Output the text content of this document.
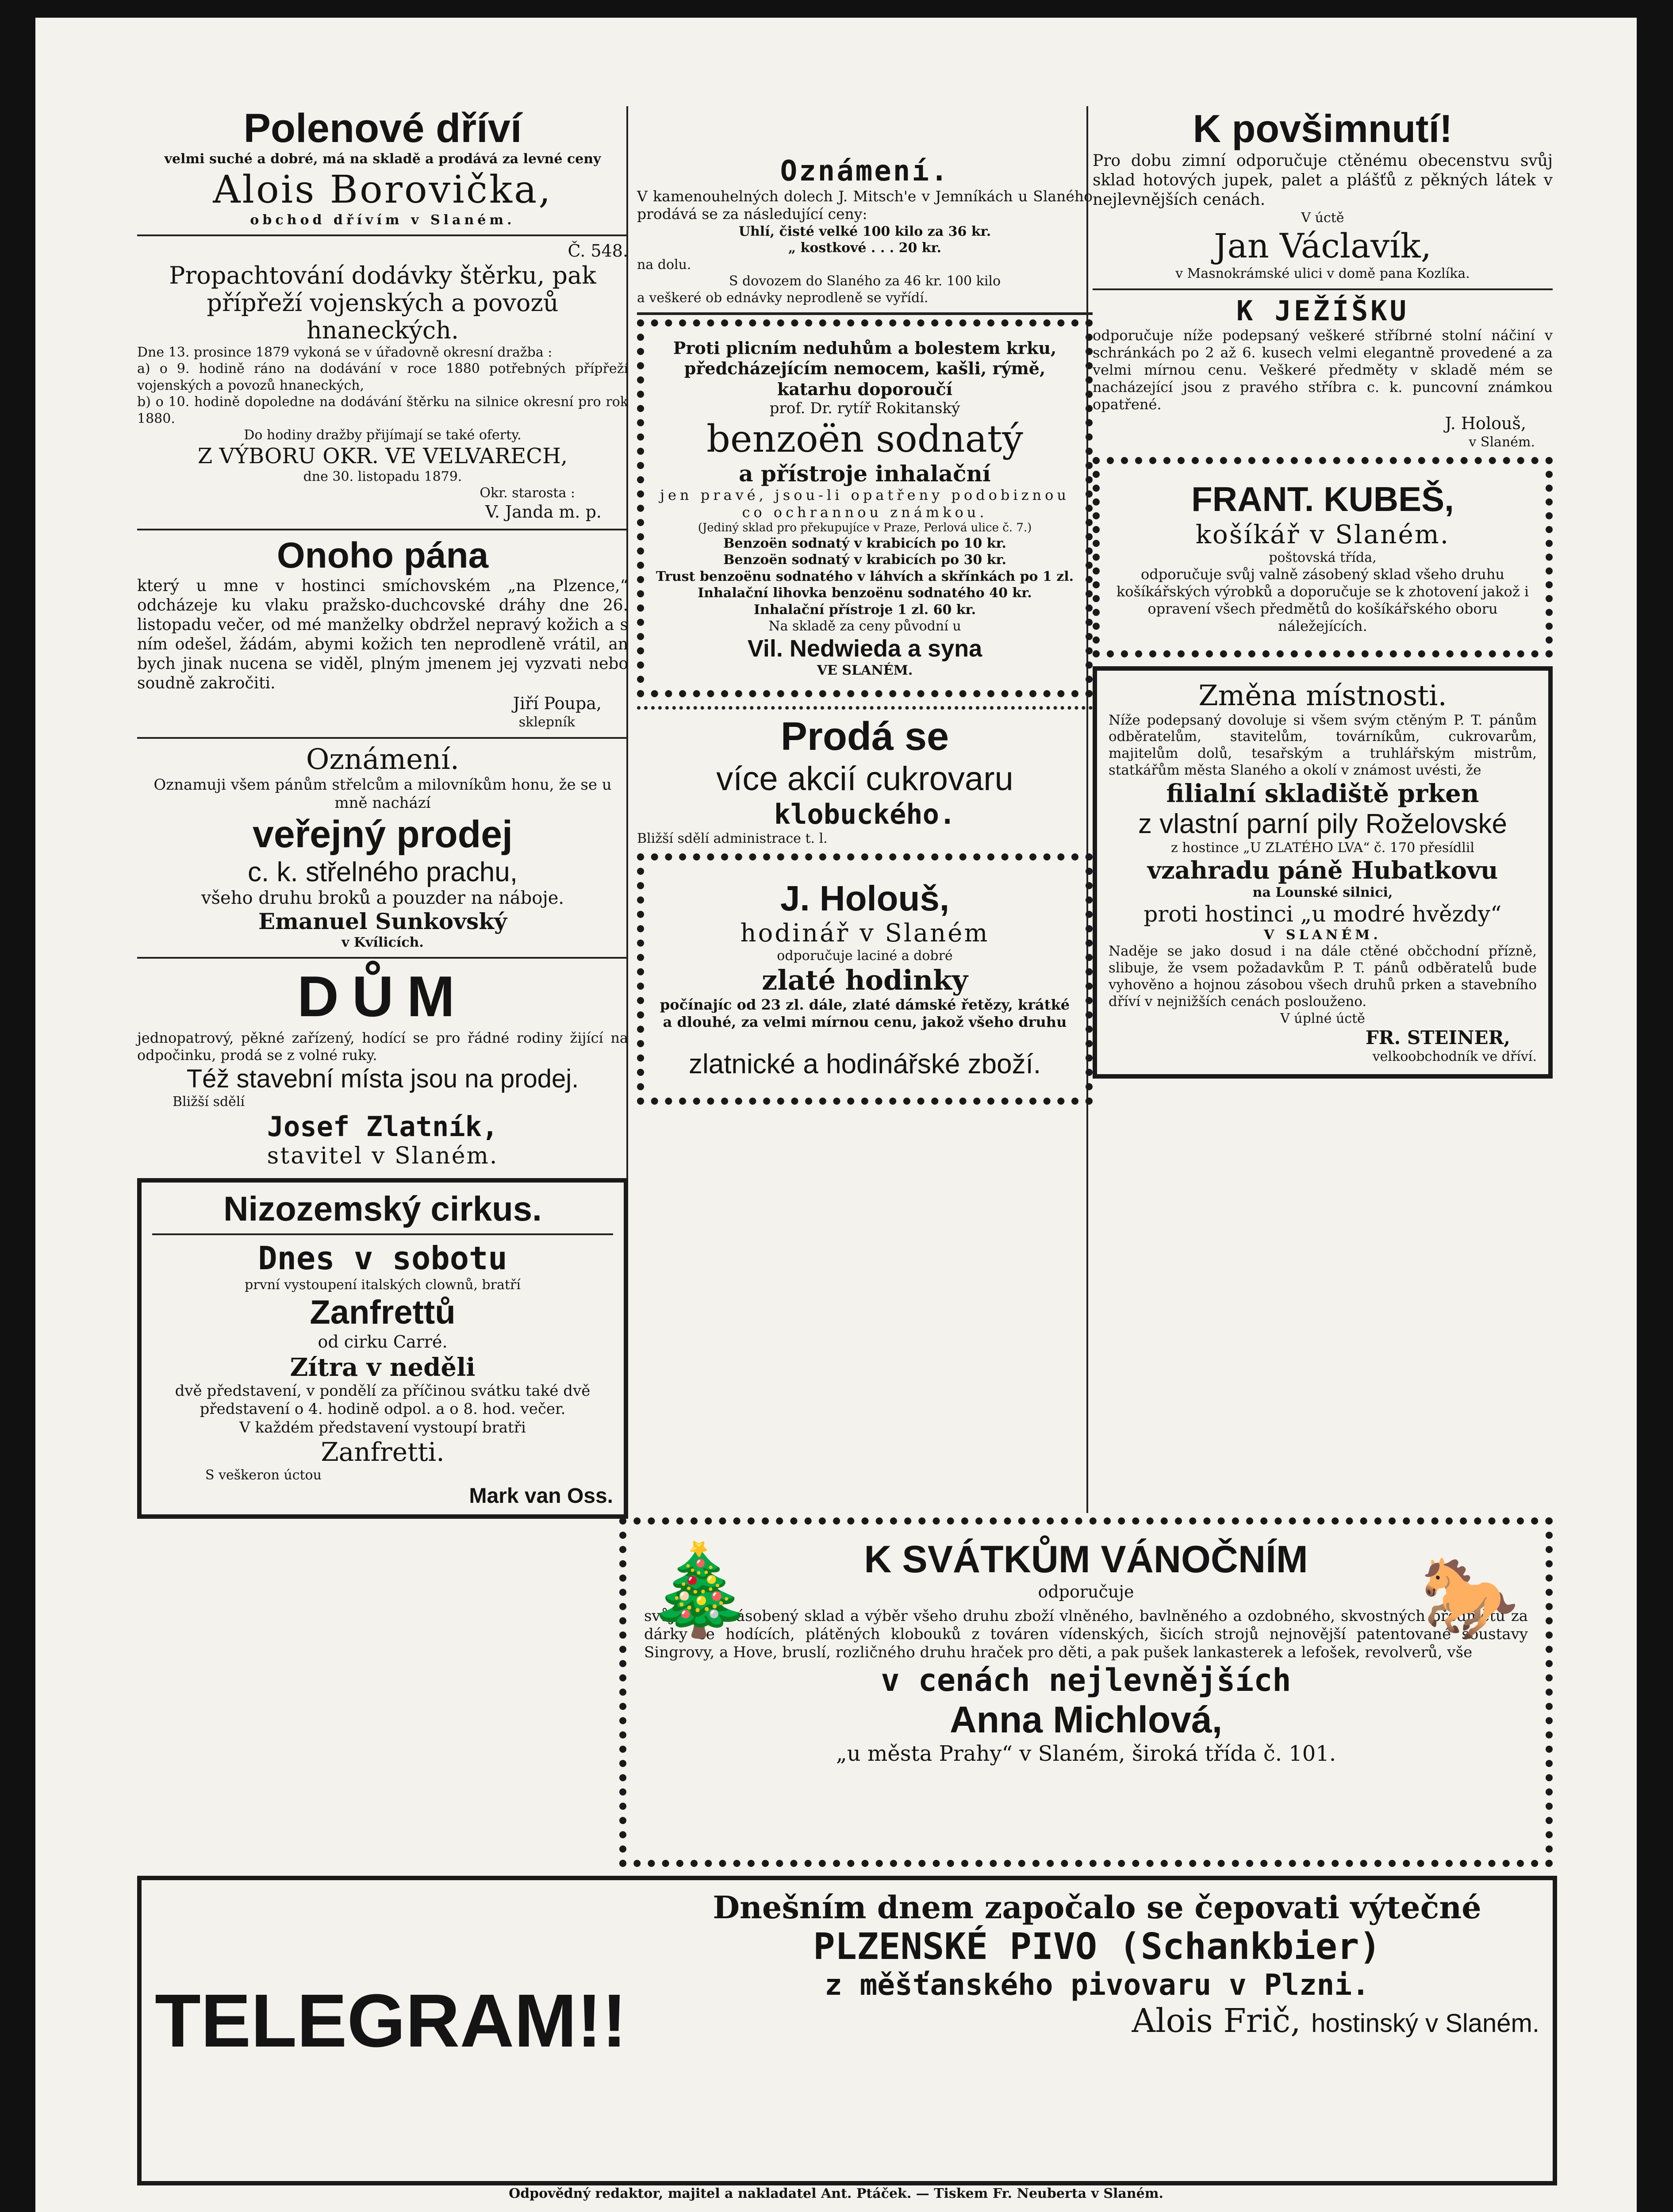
Polenové dříví
velmi suché a dobré, má na skladě a prodává za levné ceny
Alois Borovička,
obchod dřívím v Slaném.
Č. 548.
Propachtování dodávky štěrku, pak přípřeží vojenských a povozů hnaneckých.

Dne 13. prosince 1879 vykoná se v úřadovně okresní dražba :

a) o 9. hodině ráno na dodávání v roce 1880 potřebných přípřeží vojenských a povozů hnaneckých,

b) o 10. hodině dopoledne na dodávání štěrku na silnice okresní pro rok 1880.

Do hodiny dražby přijímají se také oferty.

Z VÝBORU OKR. VE VELVARECH,
dne 30. listopadu 1879.
Okr. starosta :
V. Janda m. p.
Onoho pána

který u mne v hostinci smíchovském „na Plzence,“ odcházeje ku vlaku pražsko-duchcovské dráhy dne 26. listopadu večer, od mé manželky obdržel nepravý kožich a s ním odešel, žádám, abymi kožich ten neprodleně vrátil, an bych jinak nucena se viděl, plným jmenem jej vyzvati nebo soudně zakročiti.

Jiří Poupa,
sklepník
Oznámení.

Oznamuji všem pánům střelcům a milovníkům honu, že se u mně nachází

veřejný prodej
c. k. střelného prachu,
všeho druhu broků a pouzder na náboje.
Emanuel Sunkovský
v Kvílicích.
DŮM

jednopatrový, pěkné zařízený, hodící se pro řádné rodiny žijící na odpočinku, prodá se z volné ruky.

Též stavební místa jsou na prodej.
Bližší sdělí
Josef Zlatník,
stavitel v Slaném.
Nizozemský cirkus.
Dnes v sobotu
první vystoupení italských clownů, bratří
Zanfrettů
od cirku Carré.
Zítra v neděli

dvě představení, v pondělí za příčinou svátku také dvě představení o 4. hodině odpol. a o 8. hod. večer.

V každém představení vystoupí bratři

Zanfretti.
S veškeron úctou
Mark van Oss.
Oznámení.

V kamenouhelných dolech J. Mitsch'e v Jemníkách u Slaného prodává se za následující ceny:

Uhlí, čisté velké 100 kilo za 36 kr.
„ kostkové . . . 20 kr.
na dolu.
S dovozem do Slaného za 46 kr. 100 kilo
a veškeré ob ednávky neprodleně se vyřídí.

Proti plicním neduhům a bolestem krku, předcházejícím nemocem, kašli, rýmě, katarhu doporoučí

prof. Dr. rytíř Rokitanský
benzoën sodnatý
a přístroje inhalační

jen pravé, jsou-li opatřeny podobiznou co ochrannou známkou.

(Jediný sklad pro překupujíce v Praze, Perlová ulice č. 7.)

Benzoën sodnatý v krabicích po 10 kr.
Benzoën sodnatý v krabicích po 30 kr.
Trust benzoënu sodnatého v láhvích a skřínkách po 1 zl.
Inhalační lihovka benzoënu sodnatého 40 kr.
Inhalační přístroje 1 zl. 60 kr.
Na skladě za ceny původní u
Vil. Nedwieda a syna
VE SLANÉM.
Prodá se
více akcií cukrovaru
klobuckého.
Bližší sdělí administrace t. l.
J. Holouš,
hodinář v Slaném
odporučuje laciné a dobré
zlaté hodinky

počínajíc od 23 zl. dále, zlaté dámské řetězy, krátké a dlouhé, za velmi mírnou cenu, jakož všeho druhu

zlatnické a hodinářské zboží.
K povšimnutí!

Pro dobu zimní odporučuje ctěnému obecenstvu svůj sklad hotových jupek, palet a plášťů z pěkných látek v nejlevnějších cenách.

V úctě
Jan Václavík,
v Masnokrámské ulici v domě pana Kozlíka.
K JEŽÍŠKU

odporučuje níže podepsaný veškeré stříbrné stolní náčiní v schránkách po 2 až 6. kusech velmi elegantně provedené a za velmi mírnou cenu. Veškeré předměty v skladě mém se nacházející jsou z pravého stříbra c. k. puncovní známkou opatřené.

J. Holouš,
v Slaném.
FRANT. KUBEŠ,
košíkář v Slaném.
poštovská třída,

odporučuje svůj valně zásobený sklad všeho druhu košíkářských výrobků a doporučuje se k zhotovení jakož i opravení všech předmětů do košíkářského oboru náležejících.

Změna místnosti.

Níže podepsaný dovoluje si všem svým ctěným P. T. pánům odběratelům, stavitelům, továrníkům, cukrovarům, majitelům dolů, tesařským a truhlářským mistrům, statkářům města Slaného a okolí v známost uvésti, že

filialní skladiště prken
z vlastní parní pily Roželovské
z hostince „U ZLATÉHO LVA“ č. 170 přesídlil
vzahradu páně Hubatkovu
na Lounské silnici,
proti hostinci „u modré hvězdy“
V SLANÉM.

Naděje se jako dosud i na dále ctěné občchodní přízně, slibuje, že vsem požadavkům P. T. pánů odběratelů bude vyhověno a hojnou zásobou všech druhů prken a stavebního dříví v nejnižších cenách poslouženo.

V úplné úctě
FR. STEINER,
velkoobchodník ve dříví.
🎄	🐎
K SVÁTKŮM VÁNOČNÍM
odporučuje

svůj hojně zásobený sklad a výběr všeho druhu zboží vlněného, bavlněného a ozdobného, skvostných předmětů za dárky se hodících, plátěných klobouků z továren vídenských, šicích strojů nejnovější patentované soustavy Singrovy, a Hove, bruslí, rozličného druhu hraček pro děti, a pak pušek lankasterek a lefošek, revolverů, vše

v cenách nejlevnějších
Anna Michlová,
„u města Prahy“ v Slaném, široká třída č. 101.
TELEGRAM!!
Dnešním dnem započalo se čepovati výtečné
PLZENSKÉ PIVO (Schankbier)
z měšťanského pivovaru v Plzni.
Alois Frič, hostinský v Slaném.
Odpovědný redaktor, majitel a nakladatel Ant. Ptáček. — Tiskem Fr. Neuberta v Slaném.
